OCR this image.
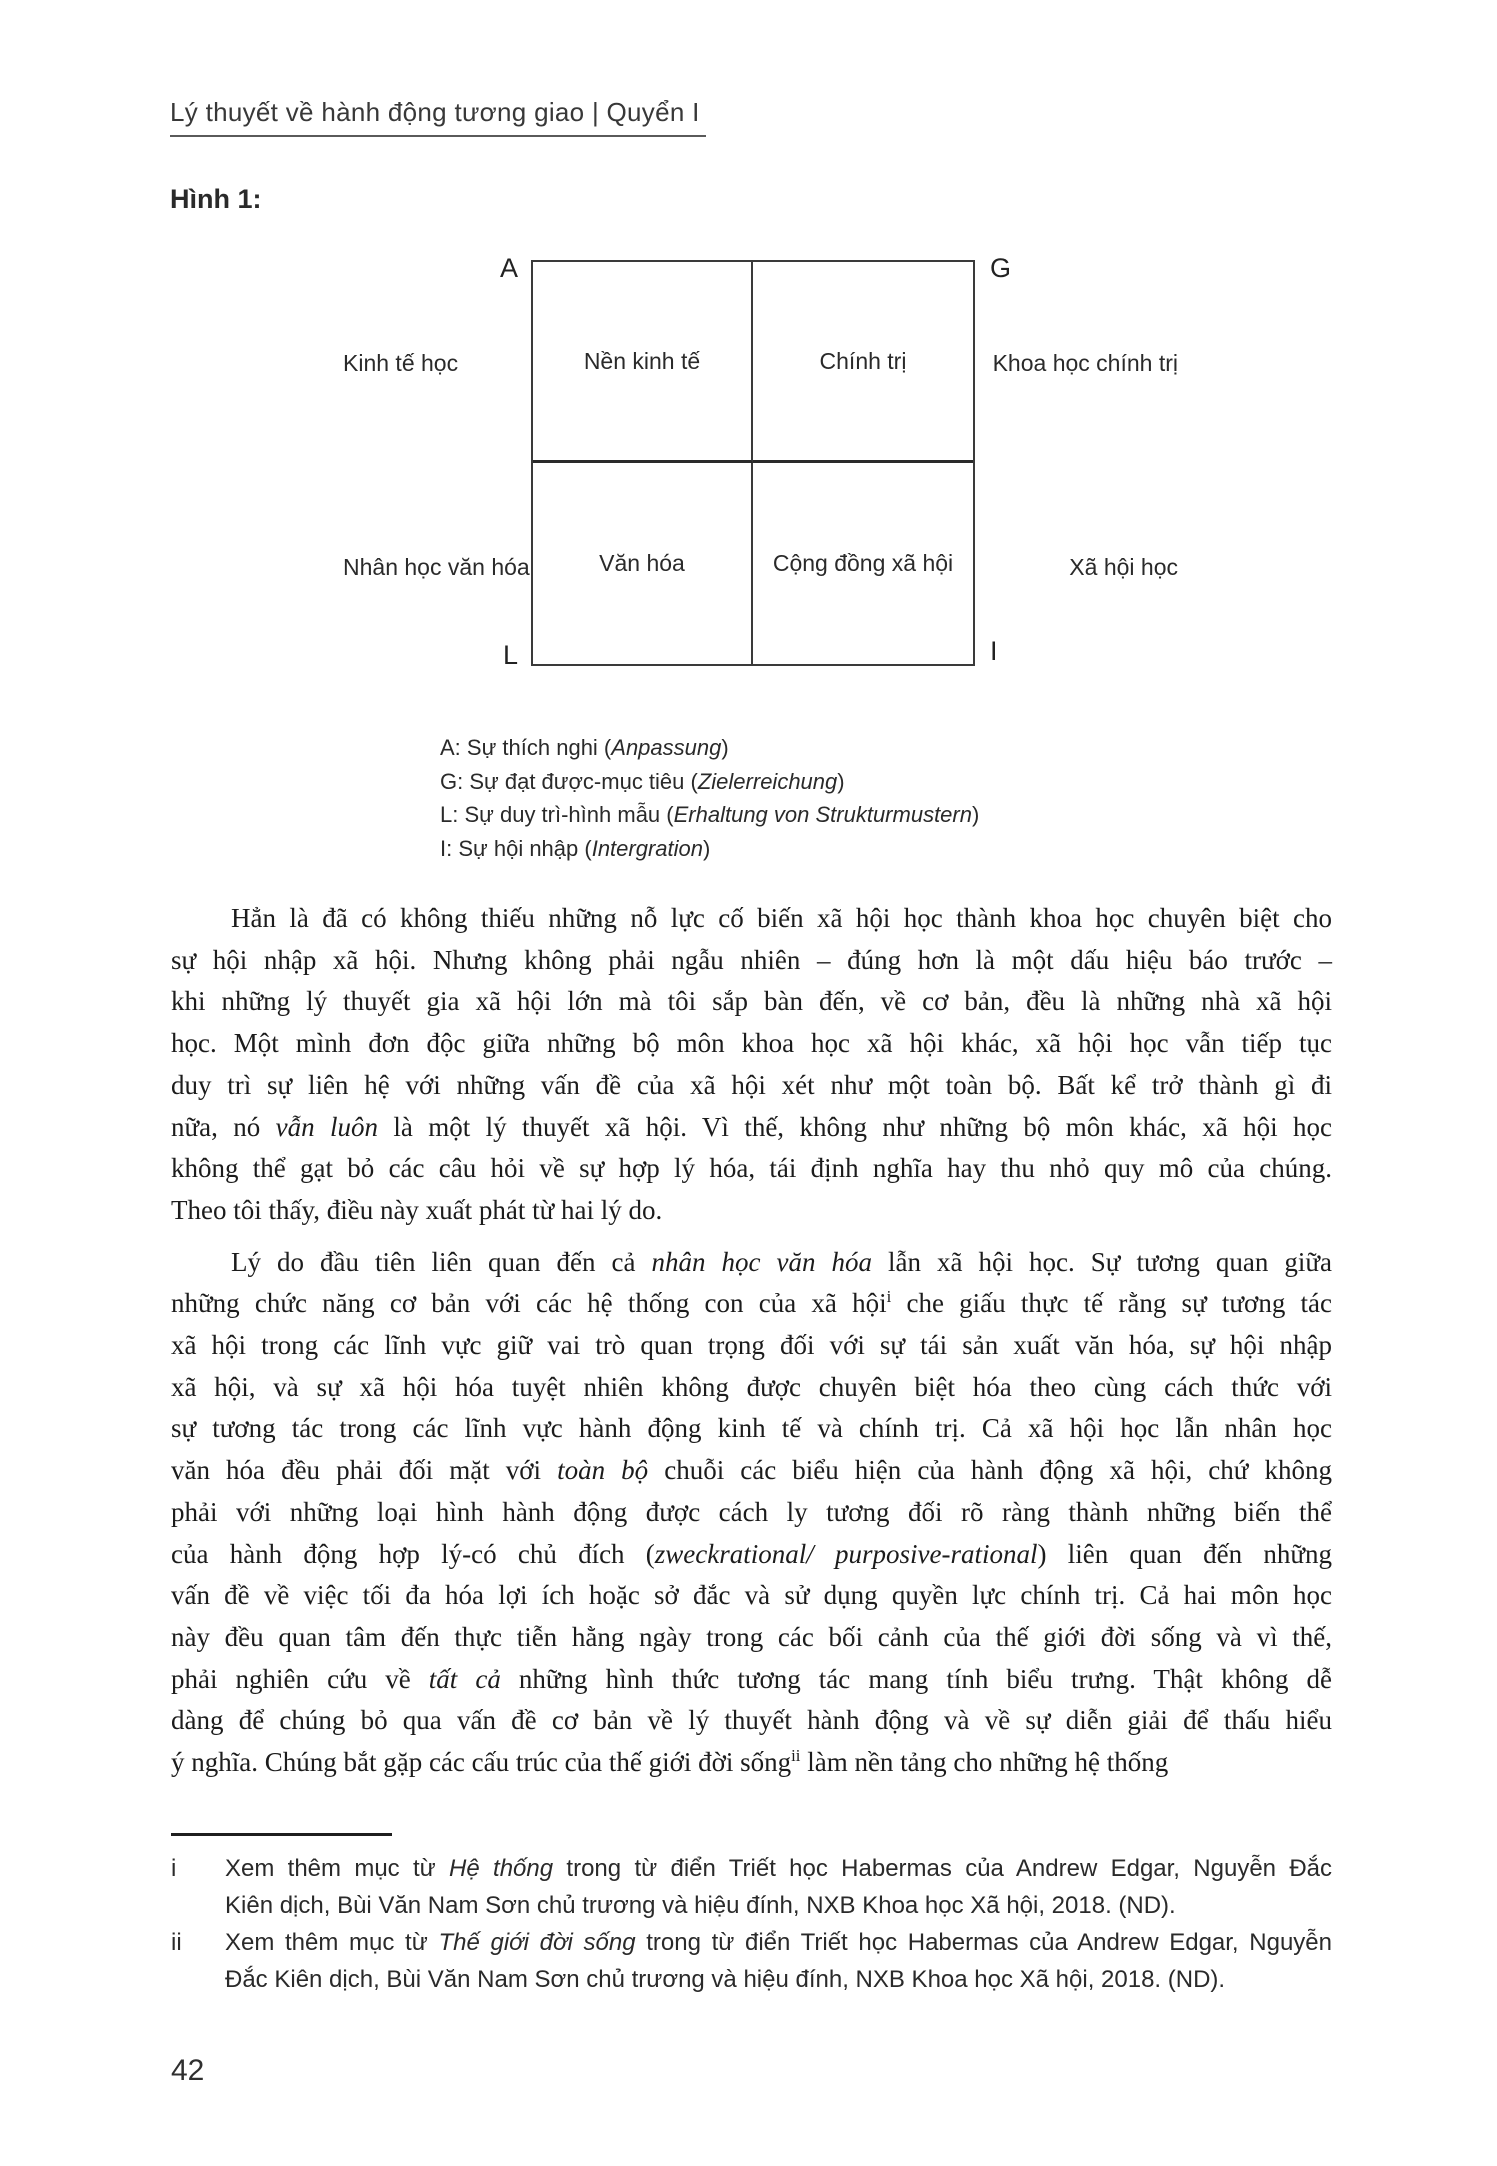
Lý thuyết về hành động tương giao | Quyển I
Hình 1:
A	G
L	I
Kinh tế học	Khoa học chính trị
Nhân học văn hóa	Xã hội học
Nền kinh tế	Chính trị
Văn hóa	Cộng đồng xã hội
A: Sự thích nghi (Anpassung)
G: Sự đạt được-mục tiêu (Zielerreichung)
L: Sự duy trì-hình mẫu (Erhaltung von Strukturmustern)
I: Sự hội nhập (Intergration)
Hẳn là đã có không thiếu những nỗ lực cố biến xã hội học thành khoa học chuyên biệt cho
sự hội nhập xã hội. Nhưng không phải ngẫu nhiên – đúng hơn là một dấu hiệu báo trước –
khi những lý thuyết gia xã hội lớn mà tôi sắp bàn đến, về cơ bản, đều là những nhà xã hội
học. Một mình đơn độc giữa những bộ môn khoa học xã hội khác, xã hội học vẫn tiếp tục
duy trì sự liên hệ với những vấn đề của xã hội xét như một toàn bộ. Bất kể trở thành gì đi
nữa, nó vẫn luôn là một lý thuyết xã hội. Vì thế, không như những bộ môn khác, xã hội học
không thể gạt bỏ các câu hỏi về sự hợp lý hóa, tái định nghĩa hay thu nhỏ quy mô của chúng.
Theo tôi thấy, điều này xuất phát từ hai lý do.
Lý do đầu tiên liên quan đến cả nhân học văn hóa lẫn xã hội học. Sự tương quan giữa
những chức năng cơ bản với các hệ thống con của xã hội$^i$ che giấu thực tế rằng sự tương tác
xã hội trong các lĩnh vực giữ vai trò quan trọng đối với sự tái sản xuất văn hóa, sự hội nhập
xã hội, và sự xã hội hóa tuyệt nhiên không được chuyên biệt hóa theo cùng cách thức với
sự tương tác trong các lĩnh vực hành động kinh tế và chính trị. Cả xã hội học lẫn nhân học
văn hóa đều phải đối mặt với toàn bộ chuỗi các biểu hiện của hành động xã hội, chứ không
phải với những loại hình hành động được cách ly tương đối rõ ràng thành những biến thể
của hành động hợp lý-có chủ đích (zweckrational/ purposive-rational) liên quan đến những
vấn đề về việc tối đa hóa lợi ích hoặc sở đắc và sử dụng quyền lực chính trị. Cả hai môn học
này đều quan tâm đến thực tiễn hằng ngày trong các bối cảnh của thế giới đời sống và vì thế,
phải nghiên cứu về tất cả những hình thức tương tác mang tính biểu trưng. Thật không dễ
dàng để chúng bỏ qua vấn đề cơ bản về lý thuyết hành động và về sự diễn giải để thấu hiểu
ý nghĩa. Chúng bắt gặp các cấu trúc của thế giới đời sống$^{ii}$ làm nền tảng cho những hệ thống
i Xem thêm mục từ Hệ thống trong từ điển Triết học Habermas của Andrew Edgar, Nguyễn Đắc
Kiên dịch, Bùi Văn Nam Sơn chủ trương và hiệu đính, NXB Khoa học Xã hội, 2018. (ND).
ii Xem thêm mục từ Thế giới đời sống trong từ điển Triết học Habermas của Andrew Edgar, Nguyễn
Đắc Kiên dịch, Bùi Văn Nam Sơn chủ trương và hiệu đính, NXB Khoa học Xã hội, 2018. (ND).
42
